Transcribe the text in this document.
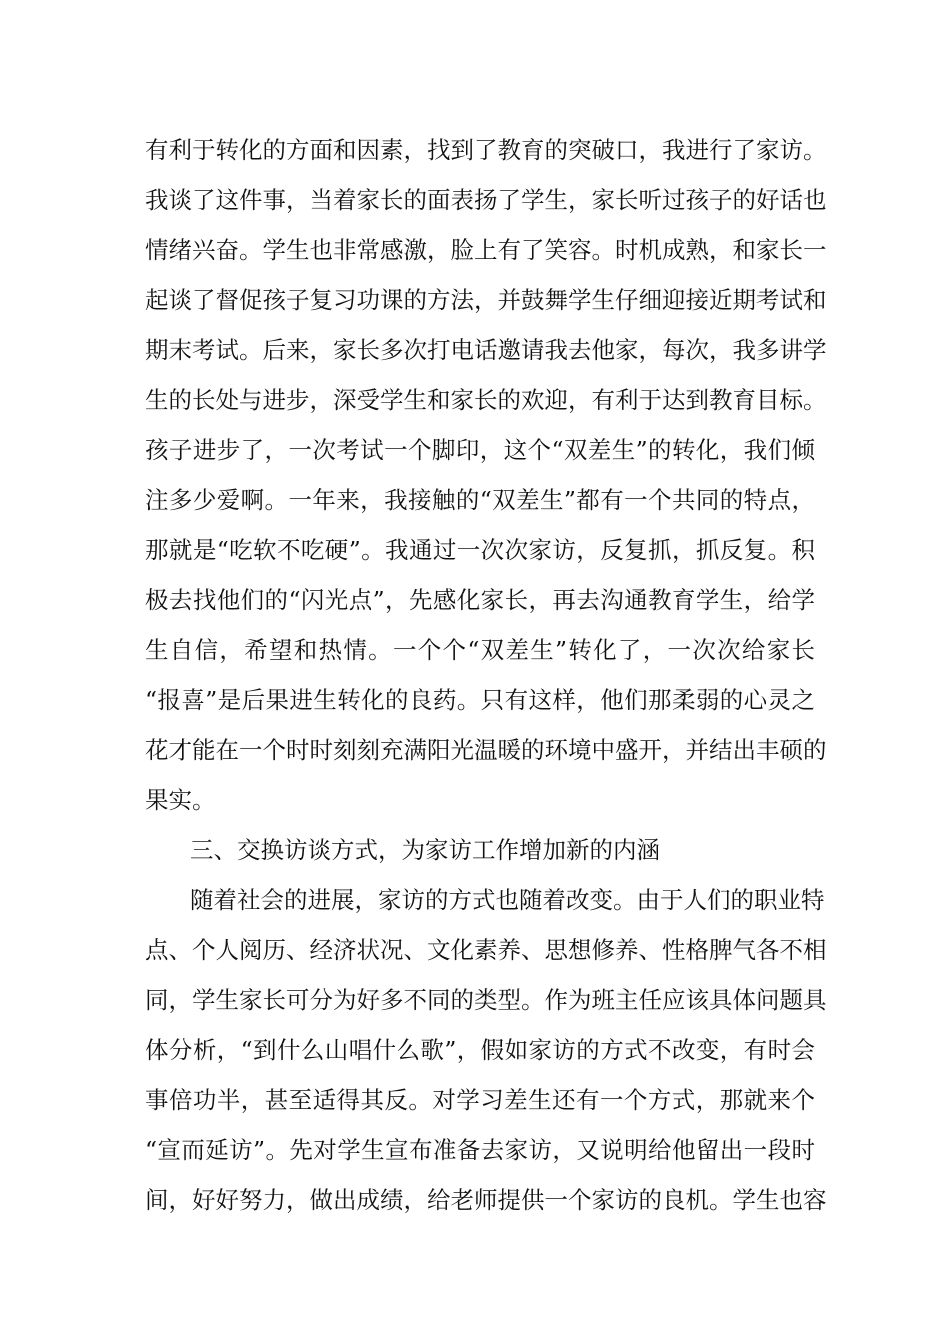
有利于转化的方面和因素，找到了教育的突破口，我进行了家访。
我谈了这件事，当着家长的面表扬了学生，家长听过孩子的好话也
情绪兴奋。学生也非常感激，脸上有了笑容。时机成熟，和家长一
起谈了督促孩子复习功课的方法，并鼓舞学生仔细迎接近期考试和
期末考试。后来，家长多次打电话邀请我去他家，每次，我多讲学
生的长处与进步，深受学生和家长的欢迎，有利于达到教育目标。
孩子进步了，一次考试一个脚印，这个“双差生”的转化，我们倾
注多少爱啊。一年来，我接触的“双差生”都有一个共同的特点，
那就是“吃软不吃硬”。我通过一次次家访，反复抓，抓反复。积
极去找他们的“闪光点”，先感化家长，再去沟通教育学生，给学
生自信，希望和热情。一个个“双差生”转化了，一次次给家长
“报喜”是后果进生转化的良药。只有这样，他们那柔弱的心灵之
花才能在一个时时刻刻充满阳光温暖的环境中盛开，并结出丰硕的
果实。
三、交换访谈方式，为家访工作增加新的内涵
随着社会的进展，家访的方式也随着改变。由于人们的职业特
点、个人阅历、经济状况、文化素养、思想修养、性格脾气各不相
同，学生家长可分为好多不同的类型。作为班主任应该具体问题具
体分析，“到什么山唱什么歌”，假如家访的方式不改变，有时会
事倍功半，甚至适得其反。对学习差生还有一个方式，那就来个
“宣而延访”。先对学生宣布准备去家访，又说明给他留出一段时
间，好好努力，做出成绩，给老师提供一个家访的良机。学生也容
